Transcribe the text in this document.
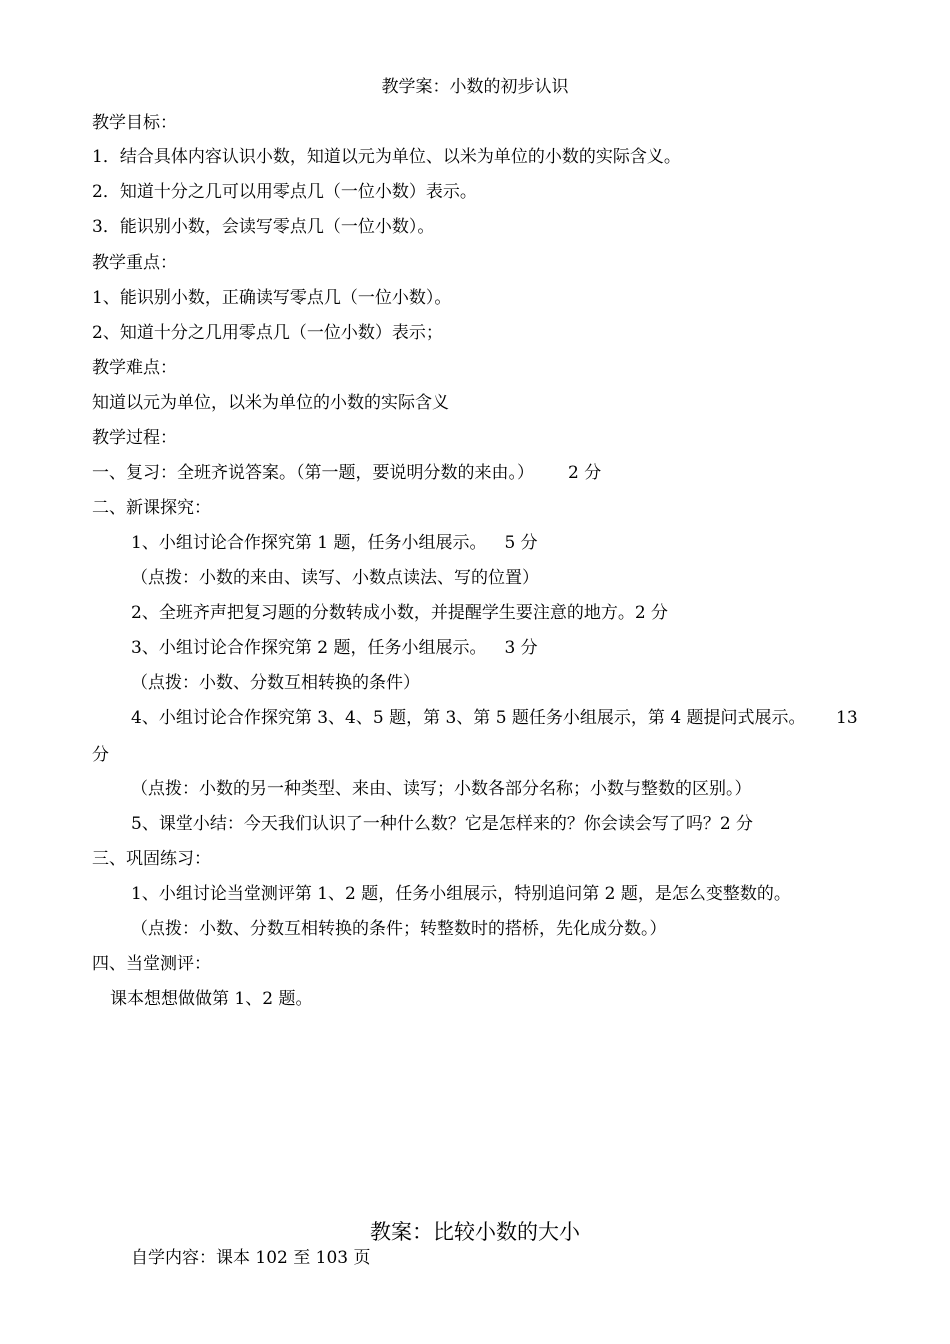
教学案：小数的初步认识

教学目标：

1．结合具体内容认识小数，知道以元为单位、以米为单位的小数的实际含义。

2．知道十分之几可以用零点几（一位小数）表示。

3．能识别小数，会读写零点几（一位小数）。

教学重点：

1、能识别小数，正确读写零点几（一位小数）。

2、知道十分之几用零点几（一位小数）表示；

教学难点：

知道以元为单位，以米为单位的小数的实际含义

教学过程：

一、复习：全班齐说答案。（第一题，要说明分数的来由。） 2 分

二、新课探究：

1、小组讨论合作探究第 1 题，任务小组展示。 5 分

（点拨：小数的来由、读写、小数点读法、写的位置）

2、全班齐声把复习题的分数转成小数，并提醒学生要注意的地方。2 分

3、小组讨论合作探究第 2 题，任务小组展示。 3 分

（点拨：小数、分数互相转换的条件）

4、小组讨论合作探究第 3、4、5 题，第 3、第 5 题任务小组展示，第 4 题提问式展示。 13

分

（点拨：小数的另一种类型、来由、读写；小数各部分名称；小数与整数的区别。）

5、课堂小结：今天我们认识了一种什么数？它是怎样来的？你会读会写了吗？2 分

三、巩固练习：

1、小组讨论当堂测评第 1、2 题，任务小组展示，特别追问第 2 题，是怎么变整数的。

（点拨：小数、分数互相转换的条件；转整数时的搭桥，先化成分数。）

四、当堂测评：

课本想想做做第 1、2 题。

教案：比较小数的大小

自学内容：课本 102 至 103 页
